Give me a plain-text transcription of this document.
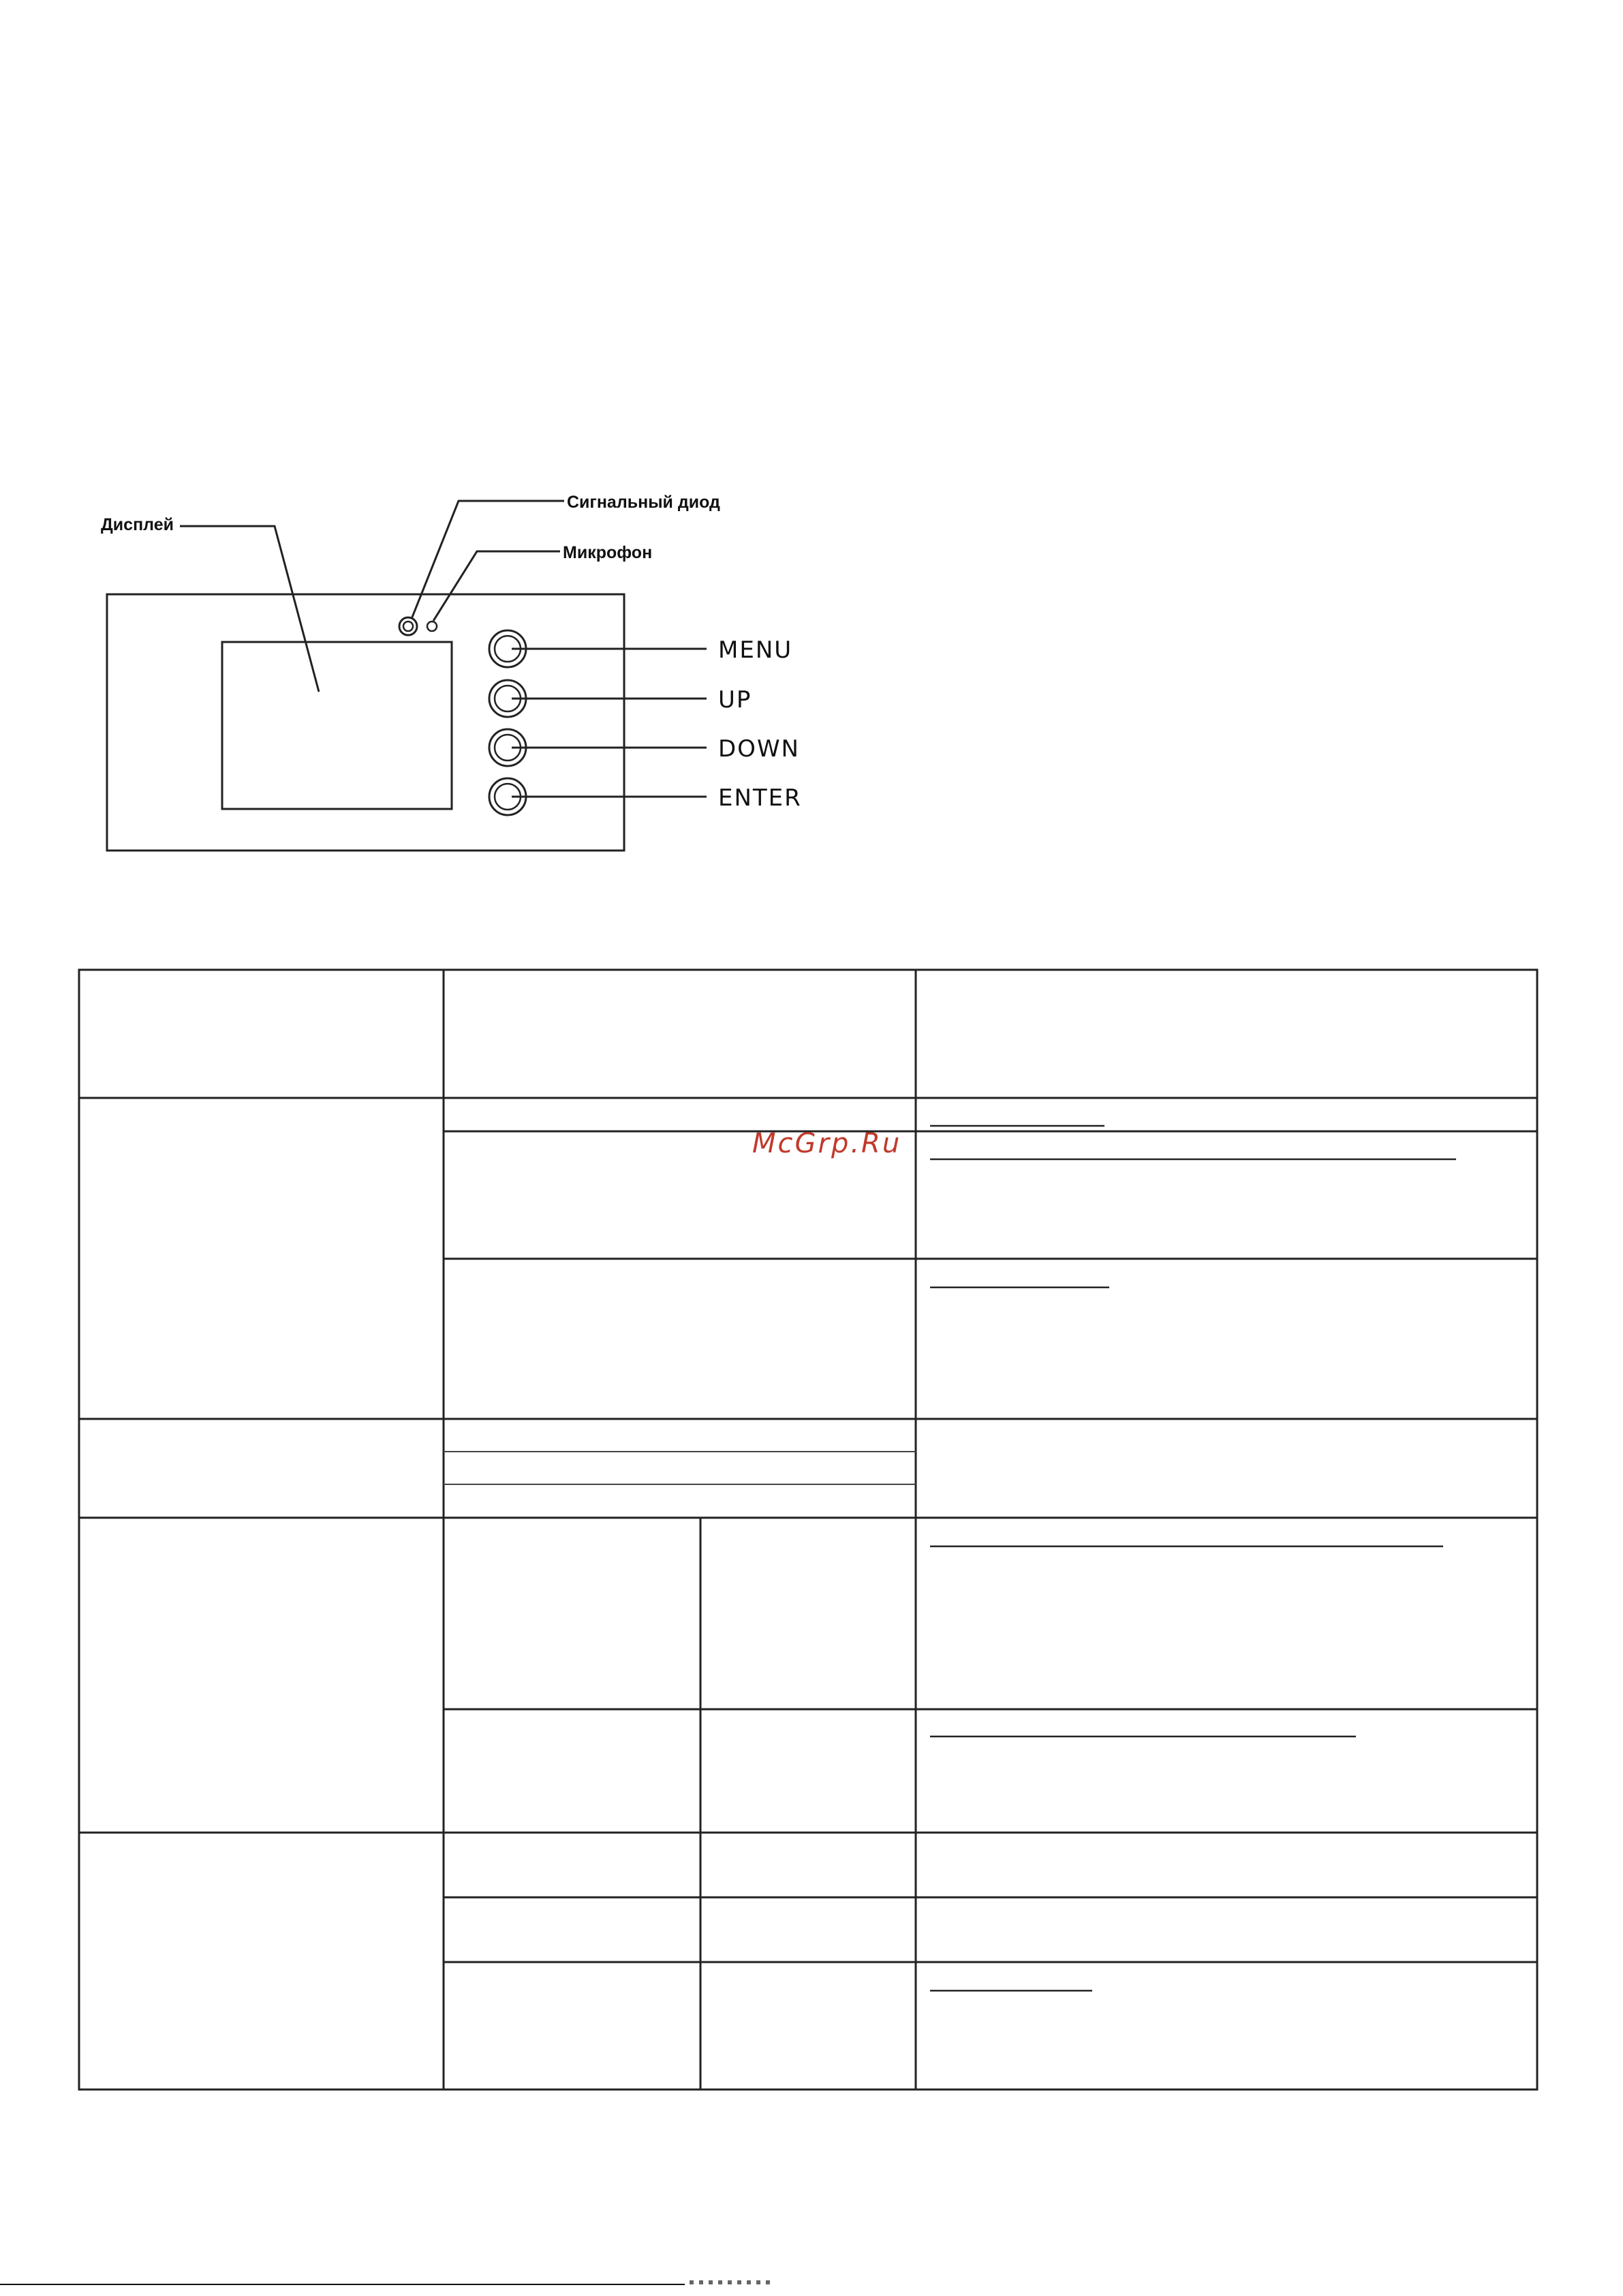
Дисплей
Сигнальный диод
Микрофон
MENU
UP
DOWN
ENTER
McGrp.Ru
